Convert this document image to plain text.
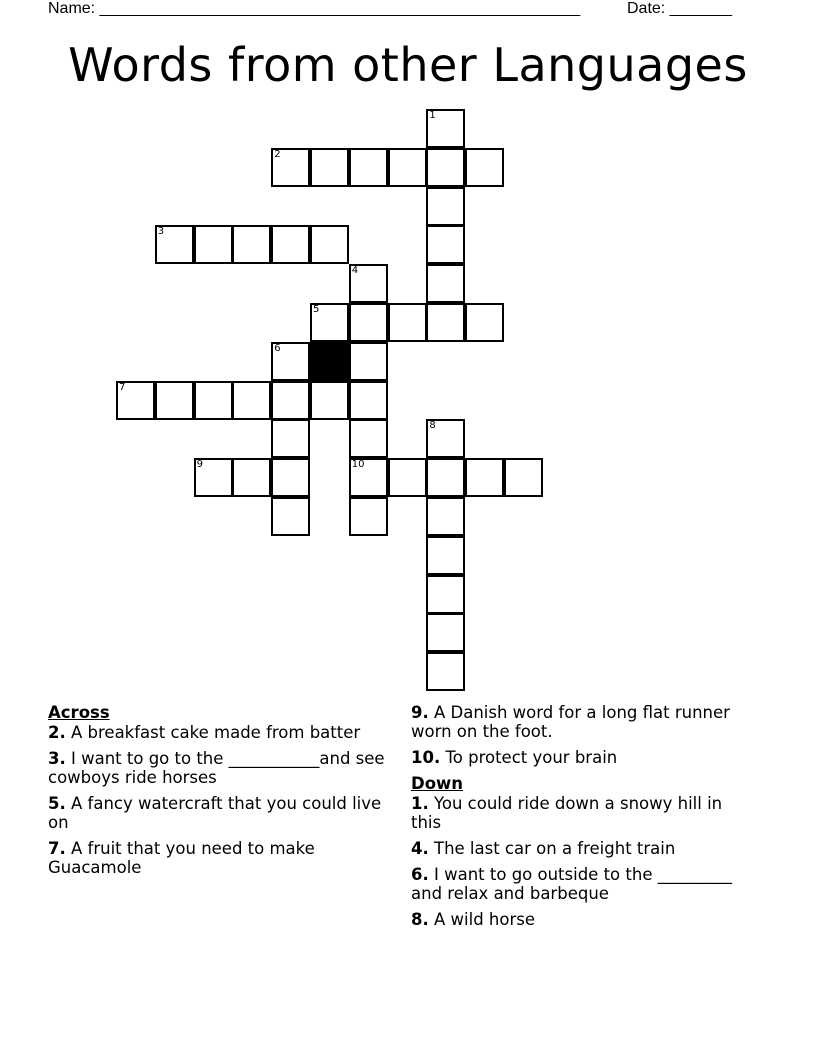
Name: ______________________________________________________	Date: _______
Words from other Languages
1
2
3
4
10
5
6
7
8
9
Across
2. A breakfast cake made from batter
3. I want to go to the ___________and see cowboys ride horses
5. A fancy watercraft that you could live on
7. A fruit that you need to make Guacamole
9. A Danish word for a long flat runner worn on the foot.
10. To protect your brain
Down
1. You could ride down a snowy hill in this
4. The last car on a freight train
6. I want to go outside to the _________ and relax and barbeque
8. A wild horse
